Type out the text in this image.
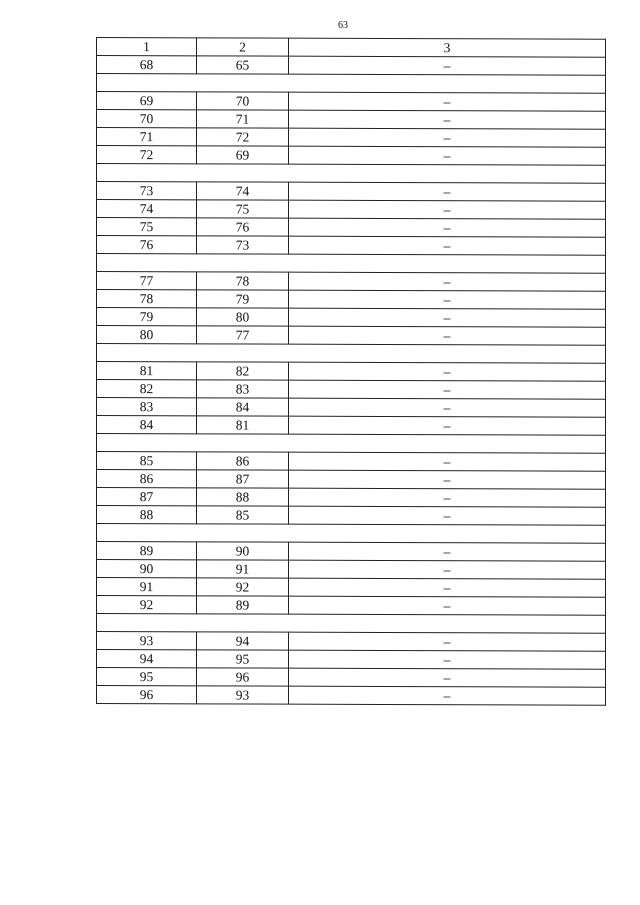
63
1	2	3
68	65	–

69	70	–
70	71	–
71	72	–
72	69	–

73	74	–
74	75	–
75	76	–
76	73	–

77	78	–
78	79	–
79	80	–
80	77	–

81	82	–
82	83	–
83	84	–
84	81	–

85	86	–
86	87	–
87	88	–
88	85	–

89	90	–
90	91	–
91	92	–
92	89	–

93	94	–
94	95	–
95	96	–
96	93	–
